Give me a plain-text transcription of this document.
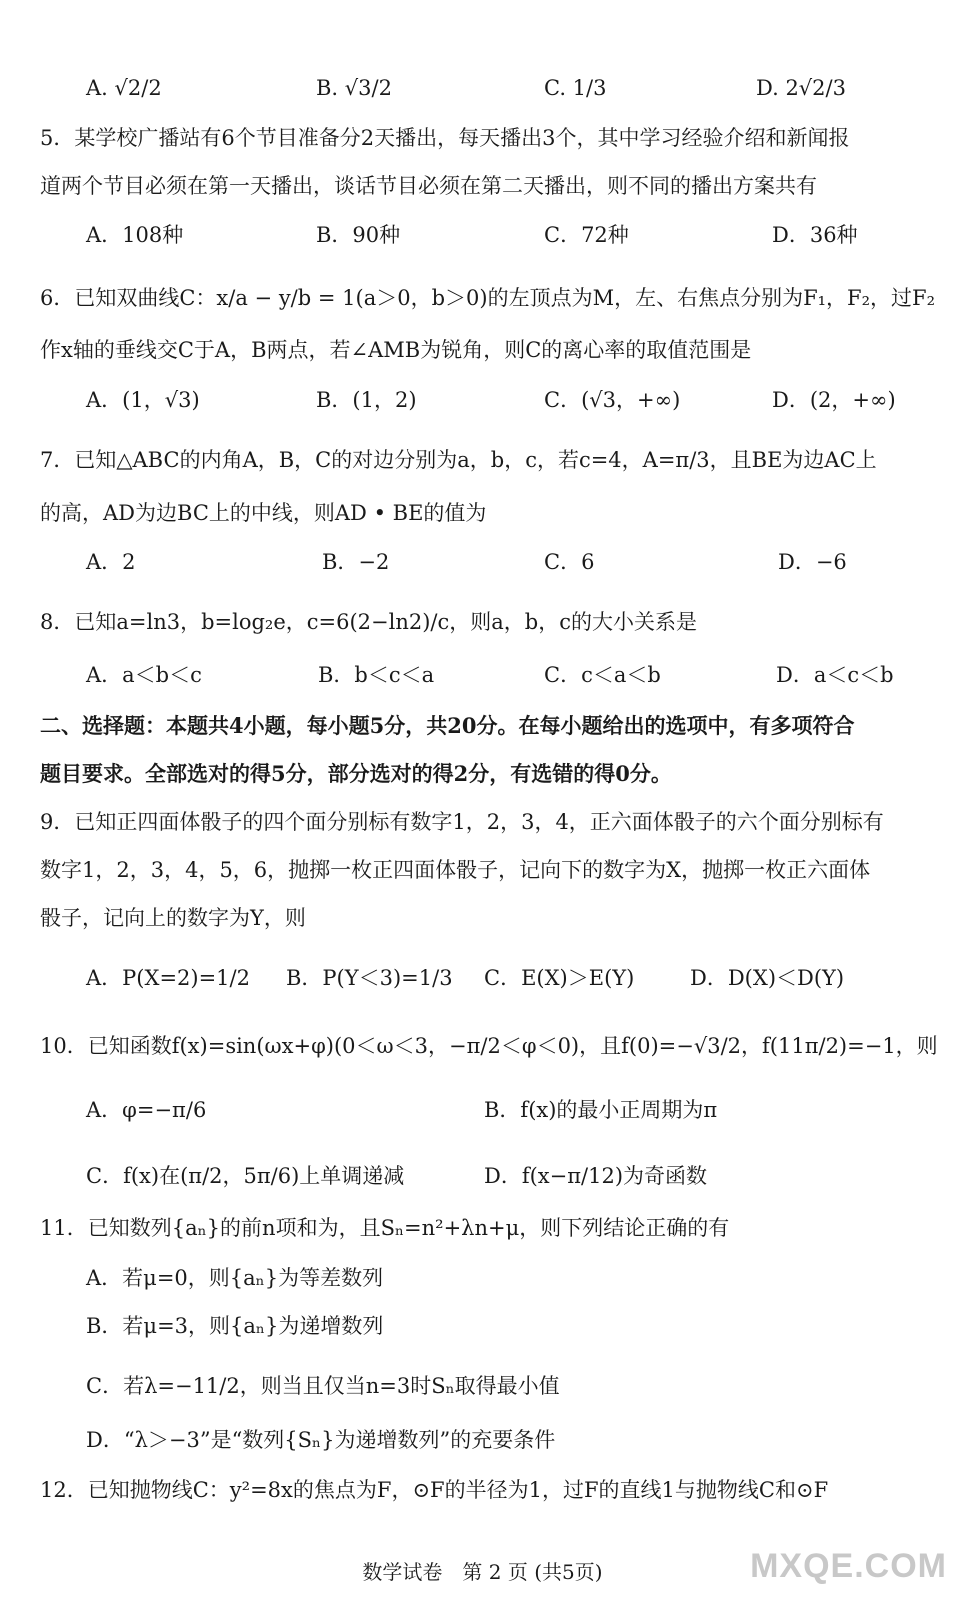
A. √2/2	B. √3/2	C. 1/3	D. 2√2/3
5．某学校广播站有6个节目准备分2天播出，每天播出3个，其中学习经验介绍和新闻报
道两个节目必须在第一天播出，谈话节目必须在第二天播出，则不同的播出方案共有
A．108种	B．90种	C．72种	D．36种
6．已知双曲线C：x/a − y/b = 1(a＞0，b＞0)的左顶点为M，左、右焦点分别为F₁，F₂，过F₂
作x轴的垂线交C于A，B两点，若∠AMB为锐角，则C的离心率的取值范围是
A．(1，√3)	B．(1，2)	C．(√3，+∞)	D．(2，+∞)
7．已知△ABC的内角A，B，C的对边分别为a，b，c，若c=4，A=π/3，且BE为边AC上
的高，AD为边BC上的中线，则AD • BE的值为
A．2	B．−2	C．6	D．−6
8．已知a=ln3，b=log₂e，c=6(2−ln2)/c，则a，b，c的大小关系是
A．a＜b＜c	B．b＜c＜a	C．c＜a＜b	D．a＜c＜b
二、选择题：本题共4小题，每小题5分，共20分。在每小题给出的选项中，有多项符合
题目要求。全部选对的得5分，部分选对的得2分，有选错的得0分。
9．已知正四面体骰子的四个面分别标有数字1，2，3，4，正六面体骰子的六个面分别标有
数字1，2，3，4，5，6，抛掷一枚正四面体骰子，记向下的数字为X，抛掷一枚正六面体
骰子，记向上的数字为Y，则
A．P(X=2)=1/2 B．P(Y＜3)=1/3 C．E(X)＞E(Y)	D．D(X)＜D(Y)
10．已知函数f(x)=sin(ωx+φ)(0＜ω＜3，−π/2＜φ＜0)，且f(0)=−√3/2，f(11π/2)=−1，则
A．φ=−π/6	B．f(x)的最小正周期为π
C．f(x)在(π/2，5π/6)上单调递减	D．f(x−π/12)为奇函数
11．已知数列{aₙ}的前n项和为，且Sₙ=n²+λn+μ，则下列结论正确的有
A．若μ=0，则{aₙ}为等差数列
B．若μ=3，则{aₙ}为递增数列
C．若λ=−11/2，则当且仅当n=3时Sₙ取得最小值
D．“λ＞−3”是“数列{Sₙ}为递增数列”的充要条件
12．已知抛物线C：y²=8x的焦点为F，⊙F的半径为1，过F的直线1与抛物线C和⊙F
数学试卷　第 2 页 (共5页)	MXQE.COM
